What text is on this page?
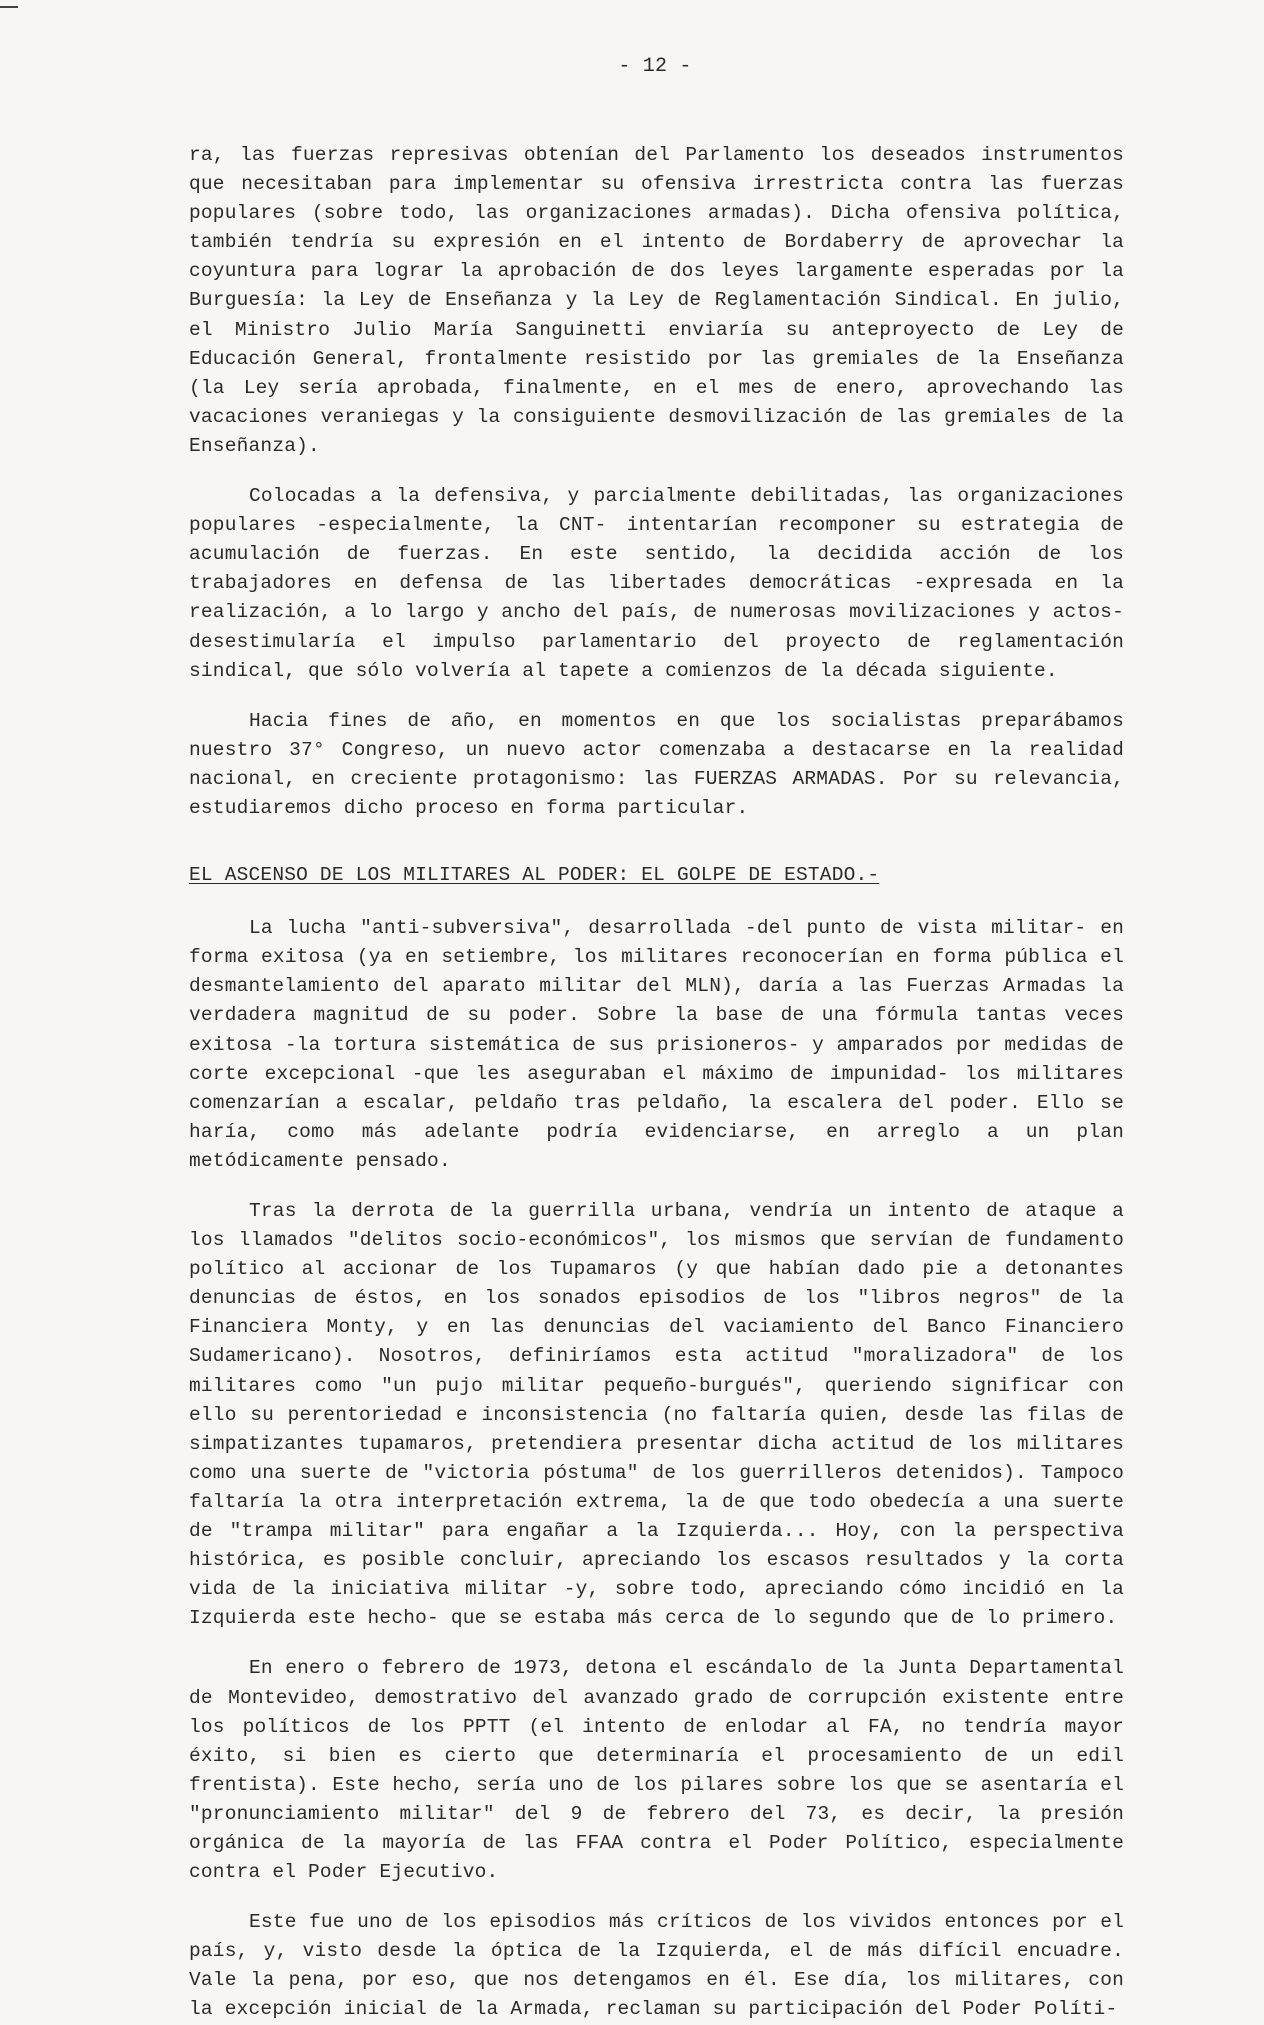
- 12 -

ra, las fuerzas represivas obtenían del Parlamento los deseados instrumentos que necesitaban para implementar su ofensiva irrestricta contra las fuerzas populares (sobre todo, las organizaciones armadas). Dicha ofensiva política, también tendría su expresión en el intento de Bordaberry de aprovechar la coyuntura para lograr la aprobación de dos leyes largamente esperadas por la Burguesía: la Ley de Enseñanza y la Ley de Reglamentación Sindical. En julio, el Ministro Julio María Sanguinetti enviaría su anteproyecto de Ley de Educación General, frontalmente resistido por las gremiales de la Enseñanza (la Ley sería aprobada, finalmente, en el mes de enero, aprovechando las vacaciones veraniegas y la consiguiente desmovilización de las gremiales de la Enseñanza).

Colocadas a la defensiva, y parcialmente debilitadas, las organizaciones populares -especialmente, la CNT- intentarían recomponer su estrategia de acumulación de fuerzas. En este sentido, la decidida acción de los trabajadores en defensa de las libertades democráticas -expresada en la realización, a lo largo y ancho del país, de numerosas movilizaciones y actos- desestimularía el impulso parlamentario del proyecto de reglamentación sindical, que sólo volvería al tapete a comienzos de la década siguiente.

Hacia fines de año, en momentos en que los socialistas preparábamos nuestro 37° Congreso, un nuevo actor comenzaba a destacarse en la realidad nacional, en creciente protagonismo: las FUERZAS ARMADAS. Por su relevancia, estudiaremos dicho proceso en forma particular.

EL ASCENSO DE LOS MILITARES AL PODER: EL GOLPE DE ESTADO.-

La lucha "anti-subversiva", desarrollada -del punto de vista militar- en forma exitosa (ya en setiembre, los militares reconocerían en forma pública el desmantelamiento del aparato militar del MLN), daría a las Fuerzas Armadas la verdadera magnitud de su poder. Sobre la base de una fórmula tantas veces exitosa -la tortura sistemática de sus prisioneros- y amparados por medidas de corte excepcional -que les aseguraban el máximo de impunidad- los militares comenzarían a escalar, peldaño tras peldaño, la escalera del poder. Ello se haría, como más adelante podría evidenciarse, en arreglo a un plan metódicamente pensado.

Tras la derrota de la guerrilla urbana, vendría un intento de ataque a los llamados "delitos socio-económicos", los mismos que servían de fundamento político al accionar de los Tupamaros (y que habían dado pie a detonantes denuncias de éstos, en los sonados episodios de los "libros negros" de la Financiera Monty, y en las denuncias del vaciamiento del Banco Financiero Sudamericano). Nosotros, definiríamos esta actitud "moralizadora" de los militares como "un pujo militar pequeño-burgués", queriendo significar con ello su perentoriedad e inconsistencia (no faltaría quien, desde las filas de simpatizantes tupamaros, pretendiera presentar dicha actitud de los militares como una suerte de "victoria póstuma" de los guerrilleros detenidos). Tampoco faltaría la otra interpretación extrema, la de que todo obedecía a una suerte de "trampa militar" para engañar a la Izquierda... Hoy, con la perspectiva histórica, es posible concluir, apreciando los escasos resultados y la corta vida de la iniciativa militar -y, sobre todo, apreciando cómo incidió en la Izquierda este hecho- que se estaba más cerca de lo segundo que de lo primero.

En enero o febrero de 1973, detona el escándalo de la Junta Departamental de Montevideo, demostrativo del avanzado grado de corrupción existente entre los políticos de los PPTT (el intento de enlodar al FA, no tendría mayor éxito, si bien es cierto que determinaría el procesamiento de un edil frentista). Este hecho, sería uno de los pilares sobre los que se asentaría el "pronunciamiento militar" del 9 de febrero del 73, es decir, la presión orgánica de la mayoría de las FFAA contra el Poder Político, especialmente contra el Poder Ejecutivo.

Este fue uno de los episodios más críticos de los vividos entonces por el país, y, visto desde la óptica de la Izquierda, el de más difícil encuadre. Vale la pena, por eso, que nos detengamos en él. Ese día, los militares, con la excepción inicial de la Armada, reclaman su participación del Poder Políti-
